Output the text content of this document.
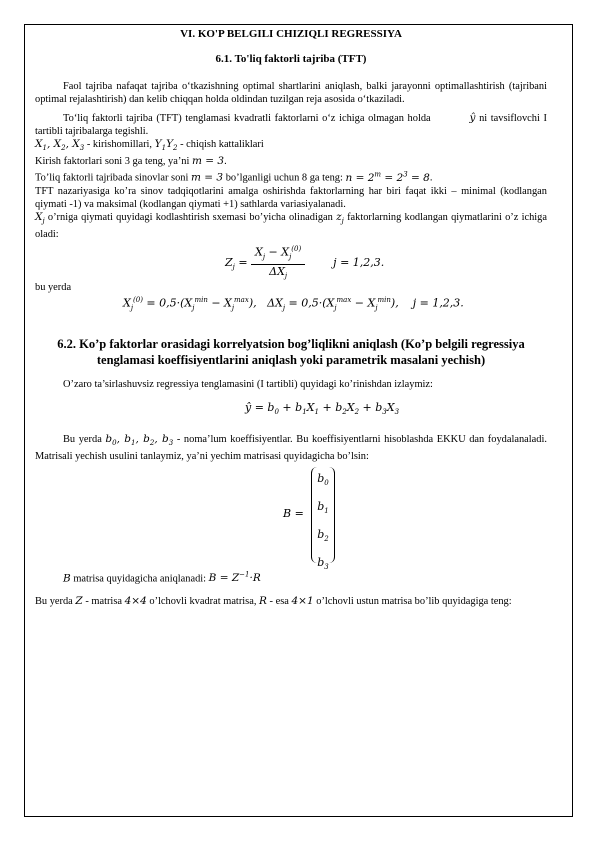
VI. KO'P BELGILI CHIZIQLI REGRESSIYA
6.1. To'liq faktorli tajriba (TFT)

Faol tajriba nafaqat tajriba o‘tkazishning optimal shartlarini aniqlash, balki jarayonni optimallashtirish (tajribani optimal rejalashtirish) dan kelib chiqqan holda oldindan tuzilgan reja asosida o‘tkaziladi.

To‘liq faktorli tajriba (TFT) tenglamasi kvadratli faktorlarni o‘z ichiga olmagan holda         ŷ ni tavsiflovchi I tartibli tajribalarga tegishli.

$X_1$, $X_2$, $X_3$ - kirishomillari, $Y_1Y_2$ - chiqish kattaliklari

Kirish faktorlari soni 3 ga teng, ya’ni m = 3.

To’liq faktorli tajribada sinovlar soni m = 3 bo’lganligi uchun 8 ga teng: $n = 2^m = 2^3 = 8$.

TFT nazariyasiga ko’ra sinov tadqiqotlarini amalga oshirishda faktorlarning har biri faqat ikki – minimal (kodlangan qiymati -1) va maksimal (kodlangan qiymati +1) sathlarda variasiyalanadi.

$X_j$ o’rniga qiymati quyidagi kodlashtirish sxemasi bo’yicha olinadigan $z_j$ faktorlarning kodlangan qiymatlarini o’z ichiga oladi:

$Z_j = \frac{X_j - X_j^{(0)}}{\Delta X_j}$ j = 1,2,3.

bu yerda

$X_j^{(0)} = 0,5\cdot(X_j^{min} - X_j^{max})$,   $\Delta X_j = 0,5\cdot(X_j^{max} - X_j^{min})$,    j = 1,2,3.
6.2. Ko’p faktorlar orasidagi korrelyatsion bog’liqlikni aniqlash (Ko’p belgili regressiya tenglamasi koeffisiyentlarini aniqlash yoki parametrik masalani yechish)

O’zaro ta’sirlashuvsiz regressiya tenglamasini (I tartibli) quyidagi ko’rinishdan izlaymiz:

ŷ = $b_0 + b_1X_1 + b_2X_2 + b_3X_3$

Bu yerda $b_0$, $b_1$, $b_2$, $b_3$ - noma’lum koeffisiyentlar. Bu koeffisiyentlarni hisoblashda EKKU dan foydalanaladi. Matrisali yechish usulini tanlaymiz, ya’ni yechim matrisasi quyidagicha bo’lsin:

B =
$b_0$
$b_1$
$b_2$
$b_3$

B matrisa quyidagicha aniqlanadi: $B = Z^{-1}\cdot R$

Bu yerda Z - matrisa 4×4 o’lchovli kvadrat matrisa, R - esa 4×1 o’lchovli ustun matrisa bo’lib quyidagiga teng:
